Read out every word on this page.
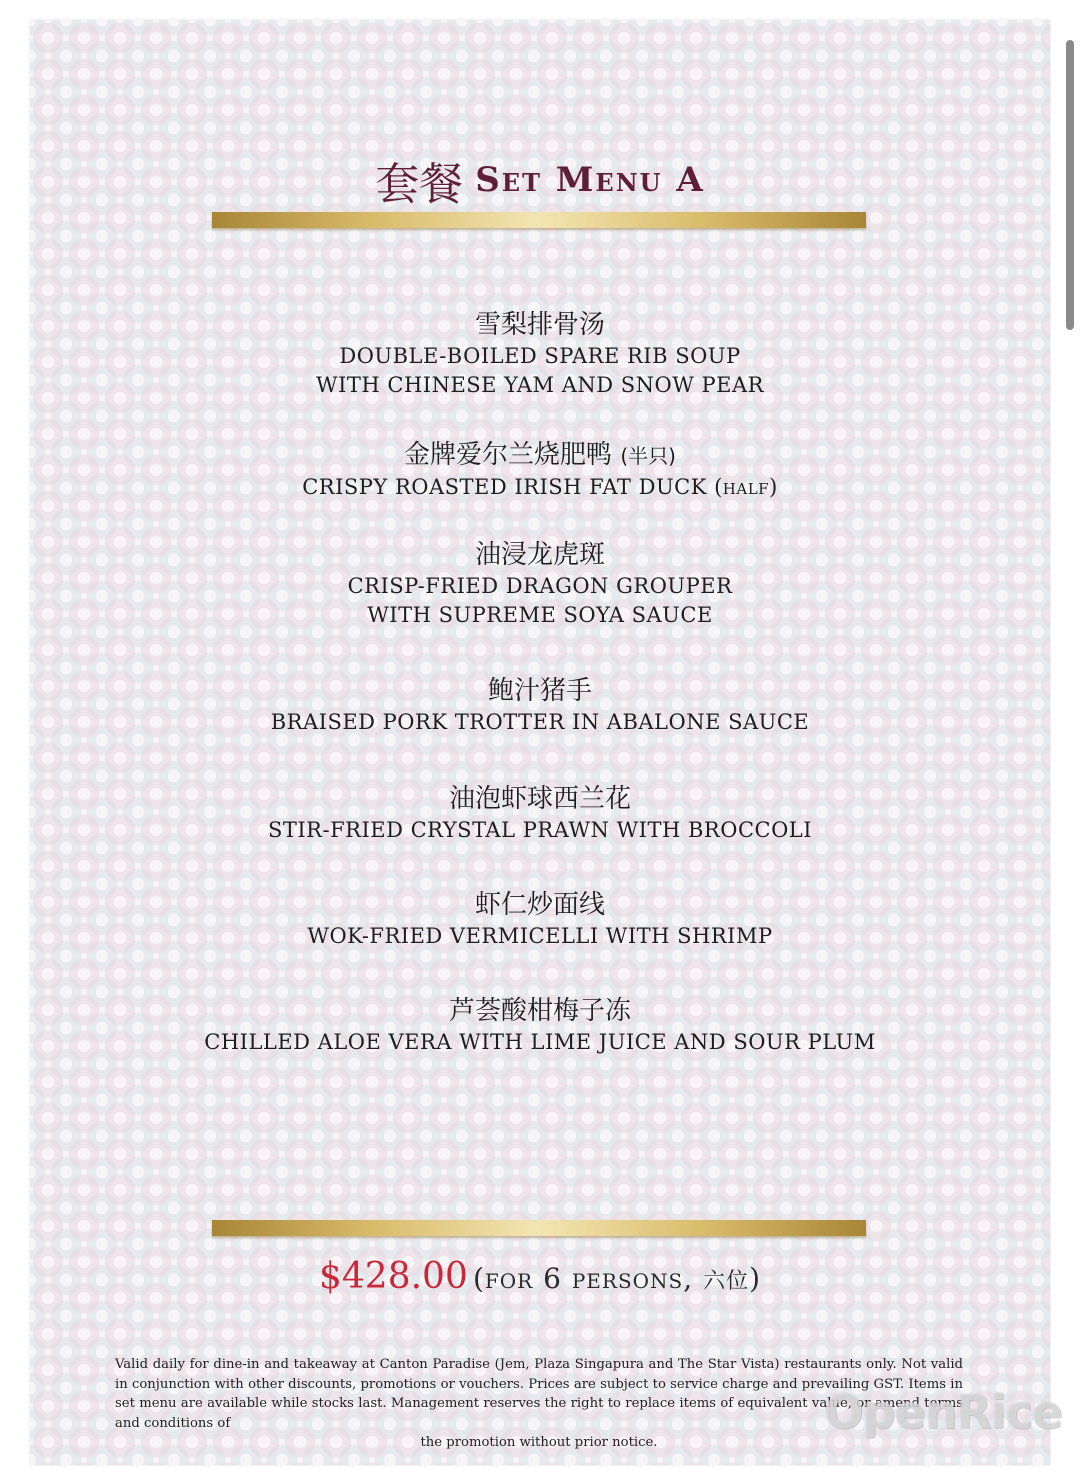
套餐 Set Menu A
雪梨排骨汤
DOUBLE-BOILED SPARE RIB SOUP
WITH CHINESE YAM AND SNOW PEAR
金牌爱尔兰烧肥鸭 (半只)
CRISPY ROASTED IRISH FAT DUCK (half)
油浸龙虎斑
CRISP-FRIED DRAGON GROUPER
WITH SUPREME SOYA SAUCE
鲍汁猪手
BRAISED PORK TROTTER IN ABALONE SAUCE
油泡虾球西兰花
STIR-FRIED CRYSTAL PRAWN WITH BROCCOLI
虾仁炒面线
WOK-FRIED VERMICELLI WITH SHRIMP
芦荟酸柑梅子冻
CHILLED ALOE VERA WITH LIME JUICE AND SOUR PLUM
$428.00 (for 6 persons, 六位)
Valid daily for dine-in and takeaway at Canton Paradise (Jem, Plaza Singapura and The Star Vista) restaurants only. Not valid in conjunction with other discounts, promotions or vouchers. Prices are subject to service charge and prevailing GST. Items in set menu are available while stocks last. Management reserves the right to replace items of equivalent value, or amend terms and conditions of
the promotion without prior notice.
OpenRice
